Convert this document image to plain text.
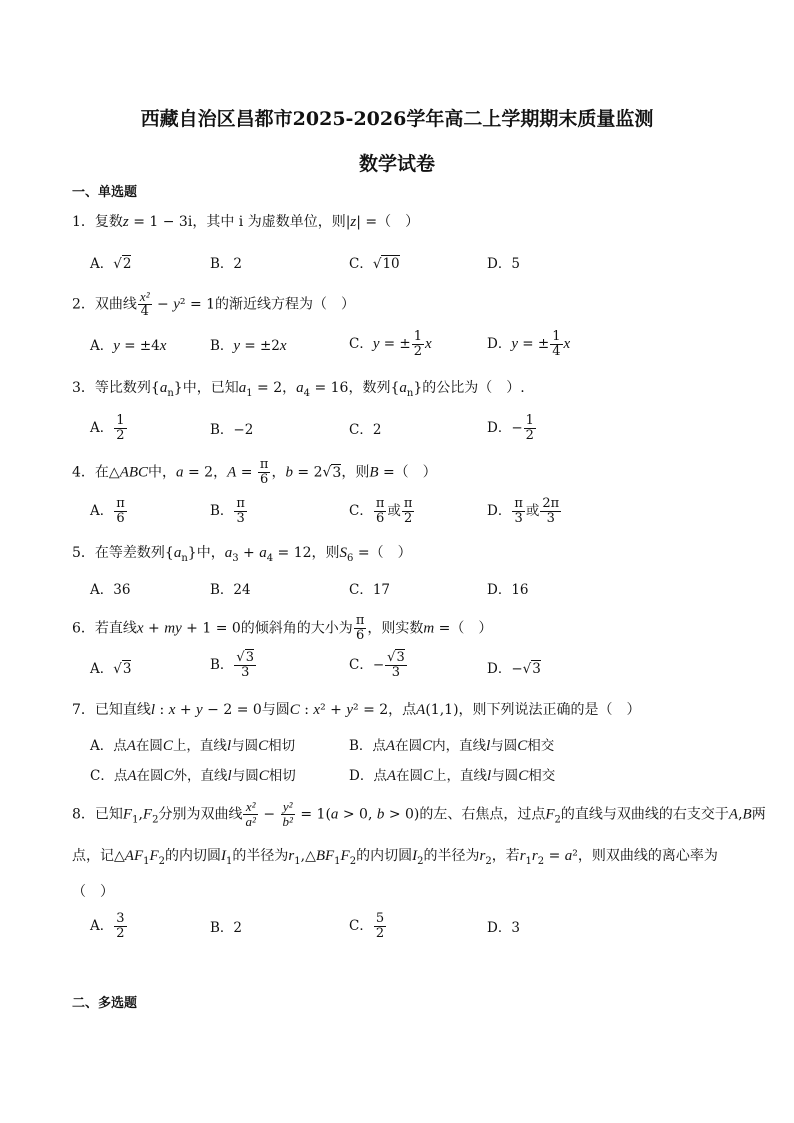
西藏自治区昌都市2025-2026学年高二上学期期末质量监测
数学试卷
一、单选题
1．复数z = 1 − 3i，其中 i 为虚数单位，则|z| =（　）
A．√2	B．2	C．√10	D．5
2．双曲线 $\frac{\text{x²}}{4} - y^2 = 1$的渐近线方程为（　）
A．y = ±4x	B．y = ±2x	C．y = ± $\frac{1}{2}$ x	D．y = ± $\frac{1}{4}$ x
3．等比数列$\{a_n\}$中，已知$a_1 = 2$，$a_4 = 16$，数列$\{a_n\}$的公比为（　）.
A． $\frac{1}{2}$	B．−2	C．2	D．− $\frac{1}{2}$
4．在△ABC中，a = 2，$A = \frac{\pi}{6}$ ，b = 2√3，则B =（　）
A． $\frac{\pi}{6}$	B． $\frac{\pi}{3}$	C． $\frac{\pi}{6}$ 或 $\frac{\pi}{2}$	D． $\frac{\pi}{3}$ 或 $\frac{2\pi}{3}$
5．在等差数列$\{a_n\}$中，$a_3 + a_4 = 12$，则$S_6$ =（　）
A．36	B．24	C．17	D．16
6．若直线x + my + 1 = 0的倾斜角的大小为 $\frac{\pi}{6}$ ，则实数m =（　）
A．√3	B． $\frac{√3}{3}$	C．− $\frac{√3}{3}$	D．−√3
7．已知直线l : x + y − 2 = 0与圆C : x² + y² = 2，点A(1,1)，则下列说法正确的是（　）
A．点A在圆C上，直线l与圆C相切	B．点A在圆C内，直线l与圆C相交
C．点A在圆C外，直线l与圆C相切	D．点A在圆C上，直线l与圆C相交
8．已知$F_1,F_2$分别为双曲线 $\frac{\text{x²}}{\text{a²}} - \frac{\text{y²}}{\text{b²}} = 1(a > 0$, b > 0)的左、右焦点，过点$F_2$的直线与双曲线的右支交于A,B两
点，记$\triangle AF_1F_2$的内切圆$I_1$的半径为$r_1,\triangle BF_1F_2$的内切圆$I_2$的半径为$r_2$，若$r_1r_2 = a^2$，则双曲线的离心率为
（　）
A． $\frac{3}{2}$	B．2	C． $\frac{5}{2}$	D．3
二、多选题
